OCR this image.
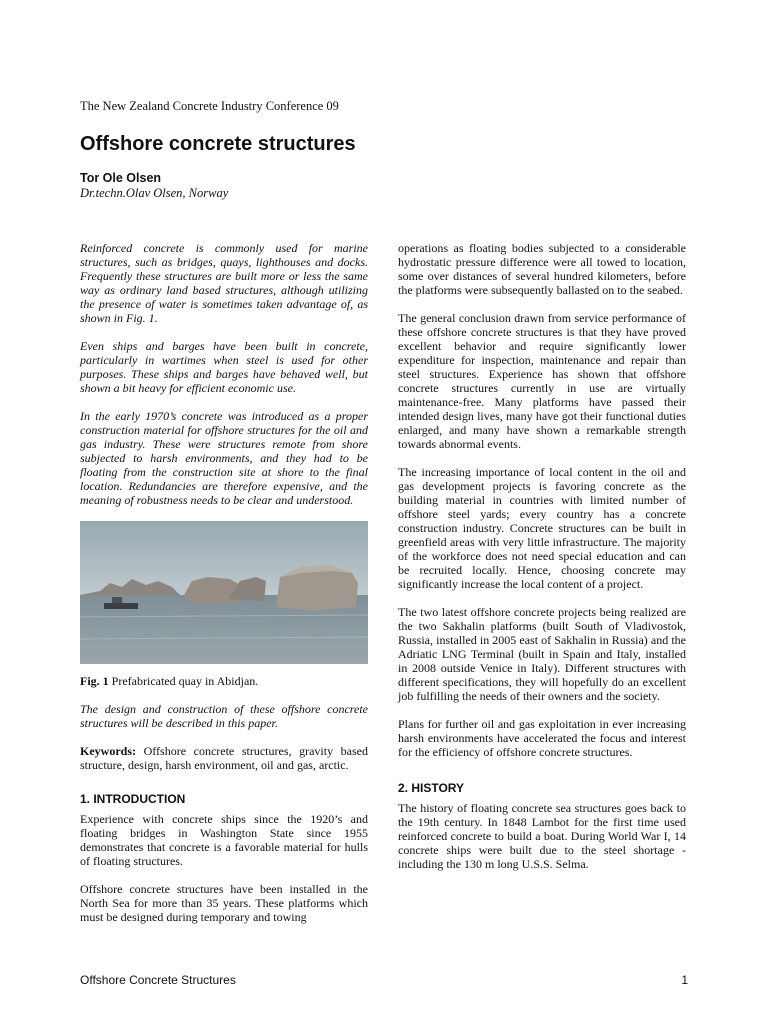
The New Zealand Concrete Industry Conference 09
Offshore concrete structures
Tor Ole Olsen
Dr.techn.Olav Olsen, Norway

Reinforced concrete is commonly used for marine structures, such as bridges, quays, lighthouses and docks. Frequently these structures are built more or less the same way as ordinary land based structures, although utilizing the presence of water is sometimes taken advantage of, as shown in Fig. 1.

Even ships and barges have been built in concrete, particularly in wartimes when steel is used for other purposes. These ships and barges have behaved well, but shown a bit heavy for efficient economic use.

In the early 1970’s concrete was introduced as a proper construction material for offshore structures for the oil and gas industry. These were structures remote from shore subjected to harsh environments, and they had to be floating from the construction site at shore to the final location. Redundancies are therefore expensive, and the meaning of robustness needs to be clear and understood.

Fig. 1 Prefabricated quay in Abidjan.

The design and construction of these offshore concrete structures will be described in this paper.

Keywords: Offshore concrete structures, gravity based structure, design, harsh environment, oil and gas, arctic.

1. INTRODUCTION

Experience with concrete ships since the 1920’s and floating bridges in Washington State since 1955 demonstrates that concrete is a favorable material for hulls of floating structures.

Offshore concrete structures have been installed in the North Sea for more than 35 years. These platforms which must be designed during temporary and towing

operations as floating bodies subjected to a considerable hydrostatic pressure difference were all towed to location, some over distances of several hundred kilometers, before the platforms were subsequently ballasted on to the seabed.

The general conclusion drawn from service performance of these offshore concrete structures is that they have proved excellent behavior and require significantly lower expenditure for inspection, maintenance and repair than steel structures. Experience has shown that offshore concrete structures currently in use are virtually maintenance-free. Many platforms have passed their intended design lives, many have got their functional duties enlarged, and many have shown a remarkable strength towards abnormal events.

The increasing importance of local content in the oil and gas development projects is favoring concrete as the building material in countries with limited number of offshore steel yards; every country has a concrete construction industry. Concrete structures can be built in greenfield areas with very little infrastructure. The majority of the workforce does not need special education and can be recruited locally. Hence, choosing concrete may significantly increase the local content of a project.

The two latest offshore concrete projects being realized are the two Sakhalin platforms (built South of Vladivostok, Russia, installed in 2005 east of Sakhalin in Russia) and the Adriatic LNG Terminal (built in Spain and Italy, installed in 2008 outside Venice in Italy). Different structures with different specifications, they will hopefully do an excellent job fulfilling the needs of their owners and the society.

Plans for further oil and gas exploitation in ever increasing harsh environments have accelerated the focus and interest for the efficiency of offshore concrete structures.

2. HISTORY

The history of floating concrete sea structures goes back to the 19th century. In 1848 Lambot for the first time used reinforced concrete to build a boat. During World War I, 14 concrete ships were built due to the steel shortage - including the 130 m long U.S.S. Selma.

Offshore Concrete Structures	1
